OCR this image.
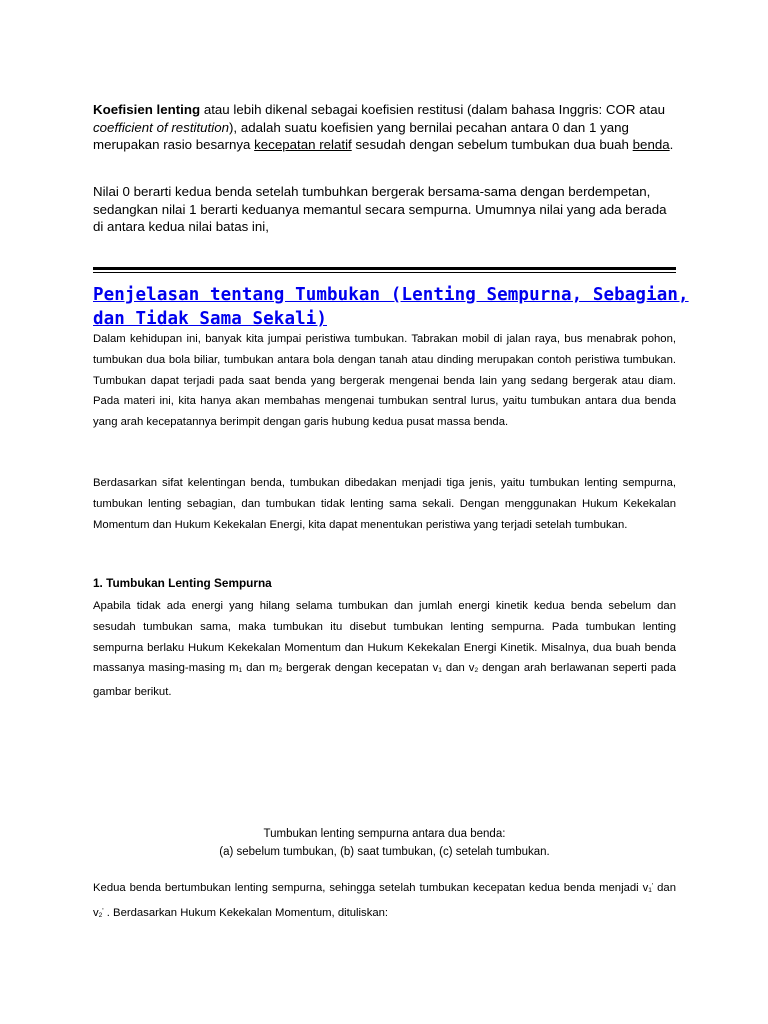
Koefisien lenting atau lebih dikenal sebagai koefisien restitusi (dalam bahasa Inggris: COR atau coefficient of restitution), adalah suatu koefisien yang bernilai pecahan antara 0 dan 1 yang merupakan rasio besarnya kecepatan relatif sesudah dengan sebelum tumbukan dua buah benda.
Nilai 0 berarti kedua benda setelah tumbuhkan bergerak bersama-sama dengan berdempetan, sedangkan nilai 1 berarti keduanya memantul secara sempurna. Umumnya nilai yang ada berada di antara kedua nilai batas ini,
Penjelasan tentang Tumbukan (Lenting Sempurna, Sebagian, dan Tidak Sama Sekali)
Dalam kehidupan ini, banyak kita jumpai peristiwa tumbukan. Tabrakan mobil di jalan raya, bus menabrak pohon, tumbukan dua bola biliar, tumbukan antara bola dengan tanah atau dinding merupakan contoh peristiwa tumbukan. Tumbukan dapat terjadi pada saat benda yang bergerak mengenai benda lain yang sedang bergerak atau diam. Pada materi ini, kita hanya akan membahas mengenai tumbukan sentral lurus, yaitu tumbukan antara dua benda yang arah kecepatannya berimpit dengan garis hubung kedua pusat massa benda.
Berdasarkan sifat kelentingan benda, tumbukan dibedakan menjadi tiga jenis, yaitu tumbukan lenting sempurna, tumbukan lenting sebagian, dan tumbukan tidak lenting sama sekali. Dengan menggunakan Hukum Kekekalan Momentum dan Hukum Kekekalan Energi, kita dapat menentukan peristiwa yang terjadi setelah tumbukan.
1. Tumbukan Lenting Sempurna
Apabila tidak ada energi yang hilang selama tumbukan dan jumlah energi kinetik kedua benda sebelum dan sesudah tumbukan sama, maka tumbukan itu disebut tumbukan lenting sempurna. Pada tumbukan lenting sempurna berlaku Hukum Kekekalan Momentum dan Hukum Kekekalan Energi Kinetik. Misalnya, dua buah benda massanya masing-masing $m_1$ dan $m_2$ bergerak dengan kecepatan $v_1$ dan $v_2$ dengan arah berlawanan seperti pada gambar berikut.
Tumbukan lenting sempurna antara dua benda:
(a) sebelum tumbukan, (b) saat tumbukan, (c) setelah tumbukan.
Kedua benda bertumbukan lenting sempurna, sehingga setelah tumbukan kecepatan kedua benda menjadi $v_1'$ dan $v_2'$ . Berdasarkan Hukum Kekekalan Momentum, dituliskan:
